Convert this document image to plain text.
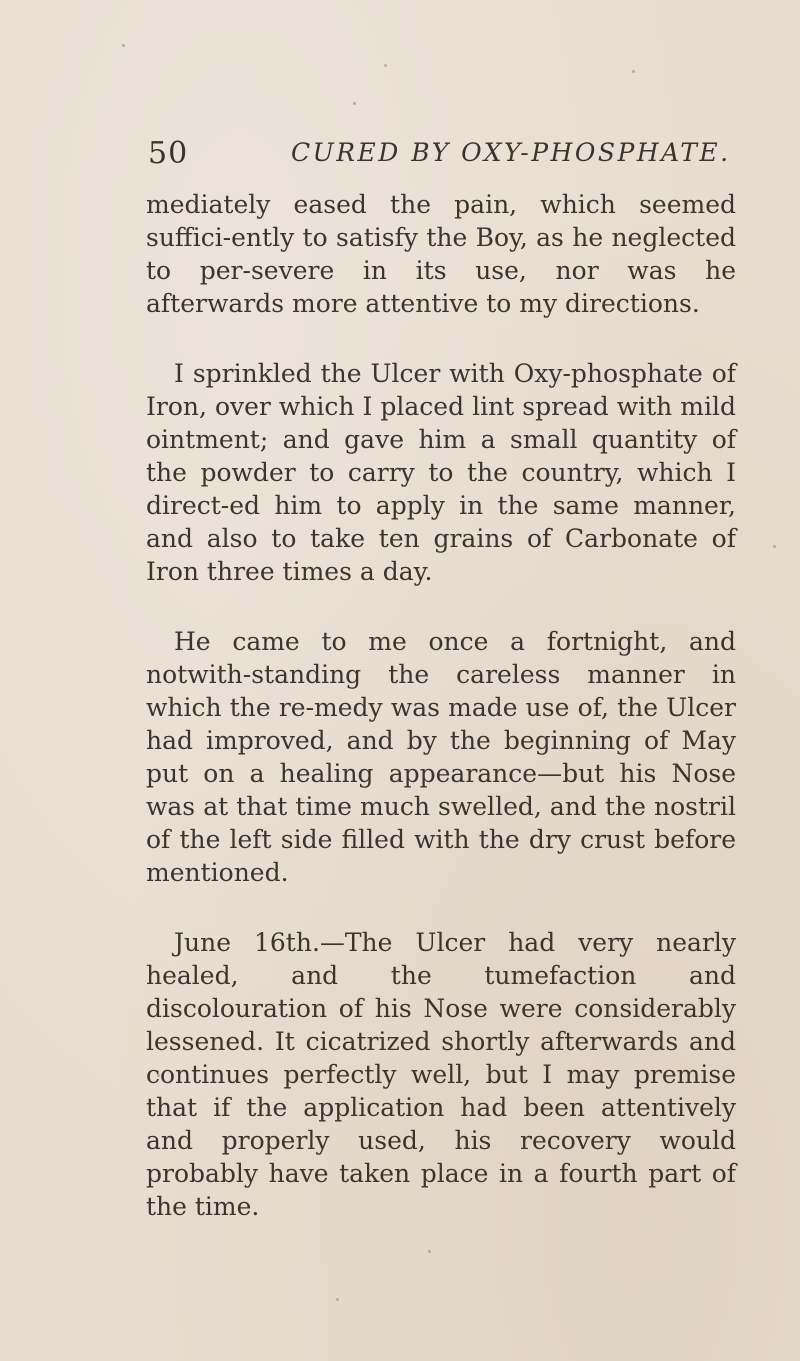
50	CURED BY OXY-PHOSPHATE.

mediately eased the pain, which seemed suffici-ently to satisfy the Boy, as he neglected to per-severe in its use, nor was he afterwards more attentive to my directions.

I sprinkled the Ulcer with Oxy-phosphate of Iron, over which I placed lint spread with mild ointment; and gave him a small quantity of the powder to carry to the country, which I direct-ed him to apply in the same manner, and also to take ten grains of Carbonate of Iron three times a day.

He came to me once a fortnight, and notwith-standing the careless manner in which the re-medy was made use of, the Ulcer had improved, and by the beginning of May put on a healing appearance—but his Nose was at that time much swelled, and the nostril of the left side filled with the dry crust before mentioned.

June 16th.—The Ulcer had very nearly healed, and the tumefaction and discolouration of his Nose were considerably lessened. It cicatrized shortly afterwards and continues perfectly well, but I may premise that if the application had been attentively and properly used, his recovery would probably have taken place in a fourth part of the time.
